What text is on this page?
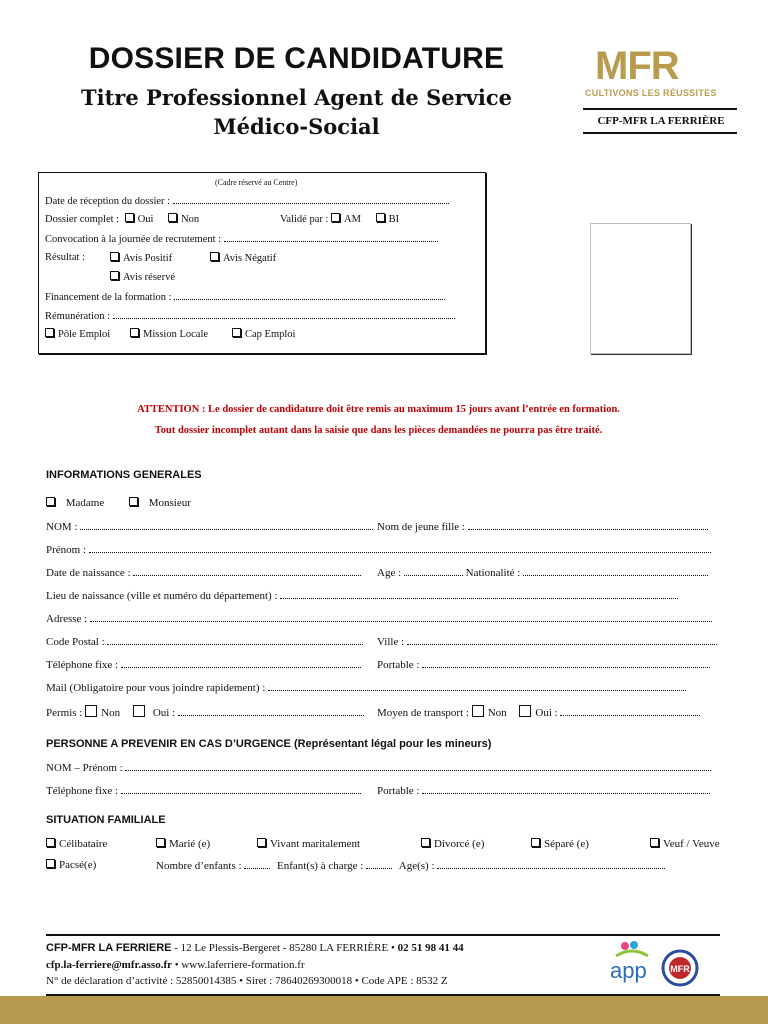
DOSSIER DE CANDIDATURE
Titre Professionnel Agent de Service
Médico-Social
MFR
CULTIVONS LES RÉUSSITES
CFP-MFR LA FERRIÈRE
(Cadre réservé au Centre)
Date de réception du dossier :
Dossier complet : Oui	Non	Validé par : AM	BI
Convocation à la journée de recrutement :
Résultat :	Avis Positif	Avis Négatif
Avis réservé
Financement de la formation :
Rémunération :
Pôle Emploi	Mission Locale	Cap Emploi
ATTENTION : Le dossier de candidature doit être remis au maximum 15 jours avant l’entrée en formation.
Tout dossier incomplet autant dans la saisie que dans les pièces demandées ne pourra pas être traité.
INFORMATIONS GENERALES
Madame	Monsieur
NOM :	Nom de jeune fille :
Prénom :
Date de naissance :	Age :	Nationalité :
Lieu de naissance (ville et numéro du département) :
Adresse :
Code Postal :	Ville :
Téléphone fixe :	Portable :
Mail (Obligatoire pour vous joindre rapidement) :
Permis : Non	Oui :	Moyen de transport : Non	Oui :
PERSONNE A PREVENIR EN CAS D’URGENCE (Représentant légal pour les mineurs)
NOM – Prénom :
Téléphone fixe :	Portable :
SITUATION FAMILIALE
Célibataire	Marié (e)	Vivant maritalement	Divorcé (e)	Séparé (e)	Veuf / Veuve
Pacsé(e)	Nombre d’enfants :	Enfant(s) à charge :	Age(s) :
CFP-MFR LA FERRIERE - 12 Le Plessis-Bergeret - 85280 LA FERRIÈRE • 02 51 98 41 44
cfp.la-ferriere@mfr.asso.fr • www.laferriere-formation.fr
N° de déclaration d’activité : 52850014385 • Siret : 78640269300018 • Code APE : 8532 Z	app	MFR
